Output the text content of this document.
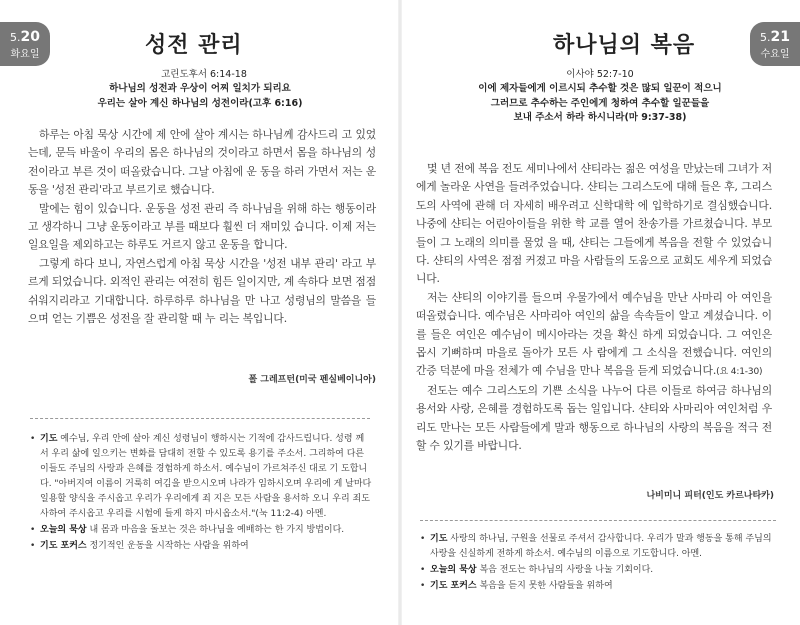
5.20
화요일	성전 관리
고린도후서 6:14-18
하나님의 성전과 우상이 어찌 일치가 되리요
우리는 살아 계신 하나님의 성전이라(고후 6:16)

하루는 아침 묵상 시간에 제 안에 살아 계시는 하나님께 감사드리 고 있었는데, 문득 바울이 우리의 몸은 하나님의 것이라고 하면서 몸을 하나님의 성전이라고 부른 것이 떠올랐습니다. 그날 아침에 운 동을 하러 가면서 저는 운동을 '성전 관리'라고 부르기로 했습니다.

말에는 힘이 있습니다. 운동을 성전 관리 즉 하나님을 위해 하는 행동이라고 생각하니 그냥 운동이라고 부를 때보다 훨씬 더 재미있 습니다. 이제 저는 일요일을 제외하고는 하루도 거르지 않고 운동을 합니다.

그렇게 하다 보니, 자연스럽게 아침 묵상 시간을 '성전 내부 관리' 라고 부르게 되었습니다. 외적인 관리는 여전히 힘든 일이지만, 계 속하다 보면 점점 쉬워지리라고 기대합니다. 하루하루 하나님을 만 나고 성령님의 말씀을 들으며 얻는 기쁨은 성전을 잘 관리할 때 누 리는 복입니다.

폴 그레프턴(미국 펜실베이니아)
• 기도 예수님, 우리 안에 살아 계신 성령님이 행하시는 기적에 감사드립니다. 성령 께서 우리 삶에 일으키는 변화를 담대히 전할 수 있도록 용기를 주소서. 그리하여 다른 이들도 주님의 사랑과 은혜를 경험하게 하소서. 예수님이 가르쳐주신 대로 기 도합니다. "아버지여 이름이 거룩히 여김을 받으시오며 나라가 임하시오며 우리에 게 날마다 일용할 양식을 주시옵고 우리가 우리에게 죄 지은 모든 사람을 용서하 오니 우리 죄도 사하여 주시옵고 우리를 시험에 들게 하지 마시옵소서."(눅 11:2-4) 아멘.
• 오늘의 묵상 내 몸과 마음을 돌보는 것은 하나님을 예배하는 한 가지 방법이다.
• 기도 포커스 정기적인 운동을 시작하는 사람을 위하여
5.21
수요일
하나님의 복음
이사야 52:7-10
이에 제자들에게 이르시되 추수할 것은 많되 일꾼이 적으니
그러므로 추수하는 주인에게 청하여 추수할 일꾼들을
보내 주소서 하라 하시니라(마 9:37-38)

몇 년 전에 복음 전도 세미나에서 샨티라는 젊은 여성을 만났는데 그녀가 저에게 놀라운 사연을 들려주었습니다. 샨티는 그리스도에 대해 들은 후, 그리스도의 사역에 관해 더 자세히 배우려고 신학대학 에 입학하기로 결심했습니다. 나중에 샨티는 어린아이들을 위한 학 교를 열어 찬송가를 가르쳤습니다. 부모들이 그 노래의 의미를 물었 을 때, 샨티는 그들에게 복음을 전할 수 있었습니다. 샨티의 사역은 점점 커졌고 마을 사람들의 도움으로 교회도 세우게 되었습니다.

저는 샨티의 이야기를 들으며 우물가에서 예수님을 만난 사마리 아 여인을 떠올렸습니다. 예수님은 사마리아 여인의 삶을 속속들이 알고 계셨습니다. 이를 들은 여인은 예수님이 메시아라는 것을 확신 하게 되었습니다. 그 여인은 몹시 기뻐하며 마을로 돌아가 모든 사 람에게 그 소식을 전했습니다. 여인의 간증 덕분에 마을 전체가 예 수님을 만나 복음을 듣게 되었습니다.(요 4:1-30)

전도는 예수 그리스도의 기쁜 소식을 나누어 다른 이들로 하여금 하나님의 용서와 사랑, 은혜를 경험하도록 돕는 일입니다. 샨티와 사마리아 여인처럼 우리도 만나는 모든 사람들에게 말과 행동으로 하나님의 사랑의 복음을 적극 전할 수 있기를 바랍니다.

나비미니 피터(인도 카르나타카)
• 기도 사랑의 하나님, 구원을 선물로 주셔서 감사합니다. 우리가 말과 행동을 통해 주님의 사랑을 신실하게 전하게 하소서. 예수님의 이름으로 기도합니다. 아멘.
• 오늘의 묵상 복음 전도는 하나님의 사랑을 나눌 기회이다.
• 기도 포커스 복음을 듣지 못한 사람들을 위하여
